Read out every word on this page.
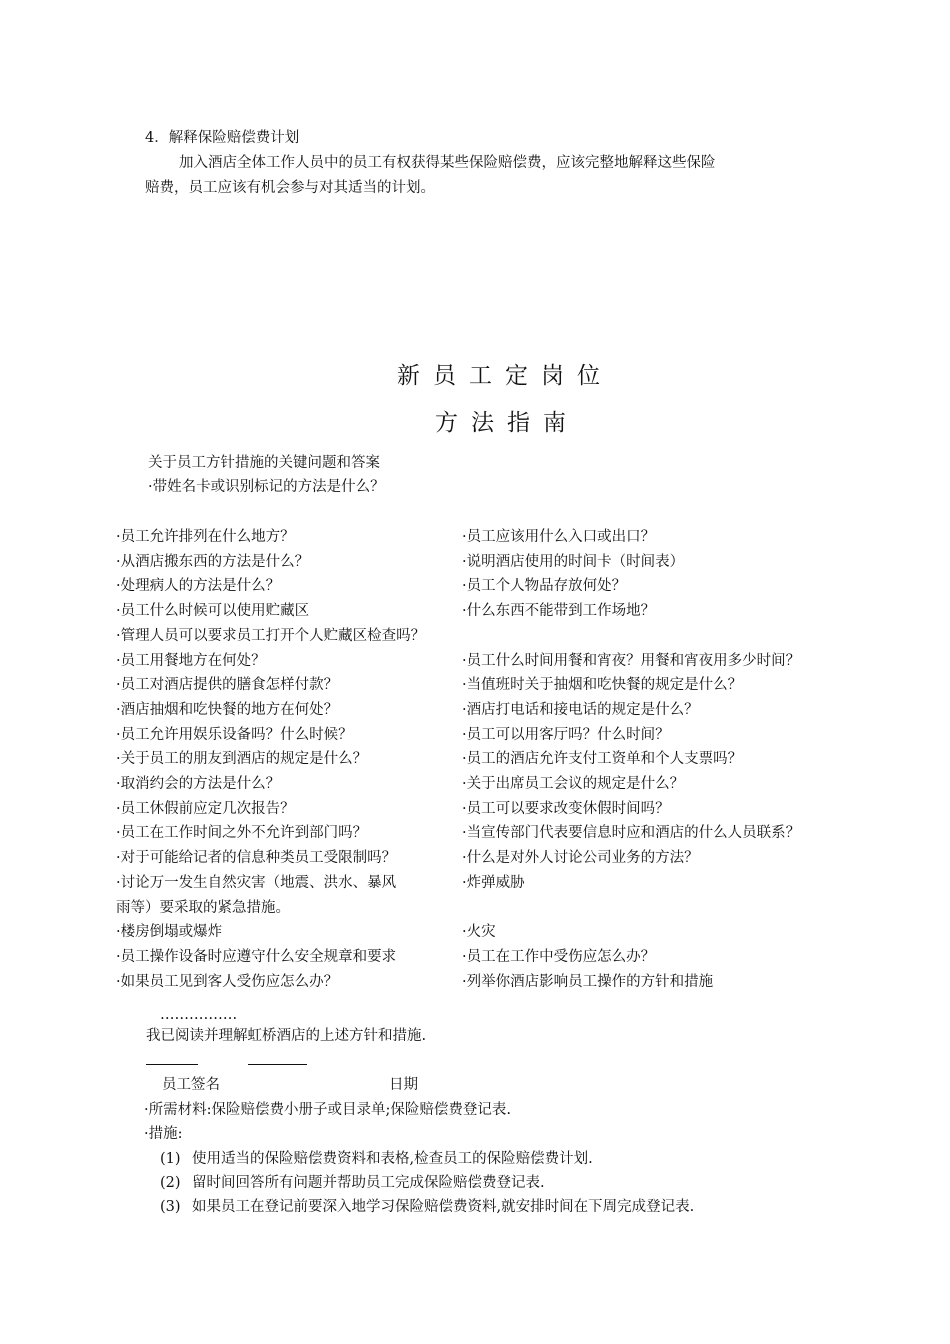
4．解释保险赔偿费计划
加入酒店全体工作人员中的员工有权获得某些保险赔偿费，应该完整地解释这些保险
赔费，员工应该有机会参与对其适当的计划。
新员工定岗位
方法指南
关于员工方针措施的关键问题和答案
·带姓名卡或识别标记的方法是什么？
·员工允许排列在什么地方？	·员工应该用什么入口或出口？
·从酒店搬东西的方法是什么？	·说明酒店使用的时间卡（时间表）
·处理病人的方法是什么？	·员工个人物品存放何处？
·员工什么时候可以使用贮藏区	·什么东西不能带到工作场地？
·管理人员可以要求员工打开个人贮藏区检查吗？
·员工用餐地方在何处？	·员工什么时间用餐和宵夜？用餐和宵夜用多少时间？
·员工对酒店提供的膳食怎样付款？	·当值班时关于抽烟和吃快餐的规定是什么？
·酒店抽烟和吃快餐的地方在何处？	·酒店打电话和接电话的规定是什么？
·员工允许用娱乐设备吗？什么时候？	·员工可以用客厅吗？什么时间？
·关于员工的朋友到酒店的规定是什么？	·员工的酒店允许支付工资单和个人支票吗？
·取消约会的方法是什么？	·关于出席员工会议的规定是什么？
·员工休假前应定几次报告？	·员工可以要求改变休假时间吗？
·员工在工作时间之外不允许到部门吗？	·当宣传部门代表要信息时应和酒店的什么人员联系？
·对于可能给记者的信息种类员工受限制吗？	·什么是对外人讨论公司业务的方法？
·讨论万一发生自然灾害（地震、洪水、暴风	·炸弹威胁
雨等）要采取的紧急措施。
·楼房倒塌或爆炸	·火灾
·员工操作设备时应遵守什么安全规章和要求	·员工在工作中受伤应怎么办？
·如果员工见到客人受伤应怎么办？	·列举你酒店影响员工操作的方针和措施
…………….
我已阅读并理解虹桥酒店的上述方针和措施.
员工签名	日期
·所需材料:保险赔偿费小册子或目录单;保险赔偿费登记表.
·措施:
(1) 使用适当的保险赔偿费资料和表格,检查员工的保险赔偿费计划.
(2) 留时间回答所有问题并帮助员工完成保险赔偿费登记表.
(3) 如果员工在登记前要深入地学习保险赔偿费资料,就安排时间在下周完成登记表.
